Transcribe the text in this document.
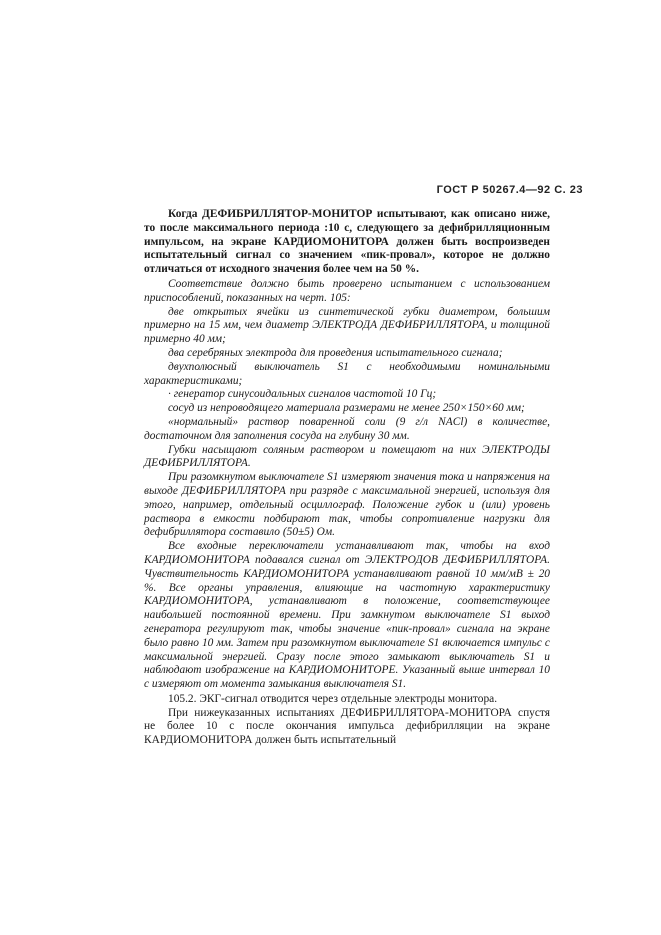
ГОСТ Р 50267.4—92 С. 23

Когда ДЕФИБРИЛЛЯТОР-МОНИТОР испытывают, как описано ниже, то после максимального периода :10 с, следующего за дефибрилляционным импульсом, на экране КАРДИОМОНИТОРА должен быть воспроизведен испытательный сигнал со значением «пик-провал», которое не должно отличаться от исходного значения более чем на 50 %.

Соответствие должно быть проверено испытанием с использованием приспособлений, показанных на черт. 105:

две открытых ячейки из синтетической губки диаметром, большим примерно на 15 мм, чем диаметр ЭЛЕКТРОДА ДЕФИБРИЛЛЯТОРА, и толщиной примерно 40 мм;

два серебряных электрода для проведения испытательного сигнала;

двухполюсный выключатель S1 с необходимыми номинальными характеристиками;

· генератор синусоидальных сигналов частотой 10 Гц;

сосуд из непроводящего материала размерами не менее 250×150×60 мм;

«нормальный» раствор поваренной соли (9 г/л NACl) в количестве, достаточном для заполнения сосуда на глубину 30 мм.

Губки насыщают соляным раствором и помещают на них ЭЛЕКТРОДЫ ДЕФИБРИЛЛЯТОРА.

При разомкнутом выключателе S1 измеряют значения тока и напряжения на выходе ДЕФИБРИЛЛЯТОРА при разряде с максимальной энергией, используя для этого, например, отдельный осциллограф. Положение губок и (или) уровень раствора в емкости подбирают так, чтобы сопротивление нагрузки для дефибриллятора составило (50±5) Ом.

Все входные переключатели устанавливают так, чтобы на вход КАРДИОМОНИТОРА подавался сигнал от ЭЛЕКТРОДОВ ДЕФИБРИЛЛЯТОРА. Чувствительность КАРДИОМОНИТОРА устанавливают равной 10 мм/мВ ± 20 %. Все органы управления, влияющие на частотную характеристику КАРДИОМОНИТОРА, устанавливают в положение, соответствующее наибольшей постоянной времени. При замкнутом выключателе S1 выход генератора регулируют так, чтобы значение «пик-провал» сигнала на экране было равно 10 мм. Затем при разомкнутом выключателе S1 включается импульс с максимальной энергией. Сразу после этого замыкают выключатель S1 и наблюдают изображение на КАРДИОМОНИТОРЕ. Указанный выше интервал 10 с измеряют от момента замыкания выключателя S1.

105.2. ЭКГ-сигнал отводится через отдельные электроды монитора.

При нижеуказанных испытаниях ДЕФИБРИЛЛЯТОРА-МОНИТОРА спустя не более 10 с после окончания импульса дефибрилляции на экране КАРДИОМОНИТОРА должен быть испытательный
